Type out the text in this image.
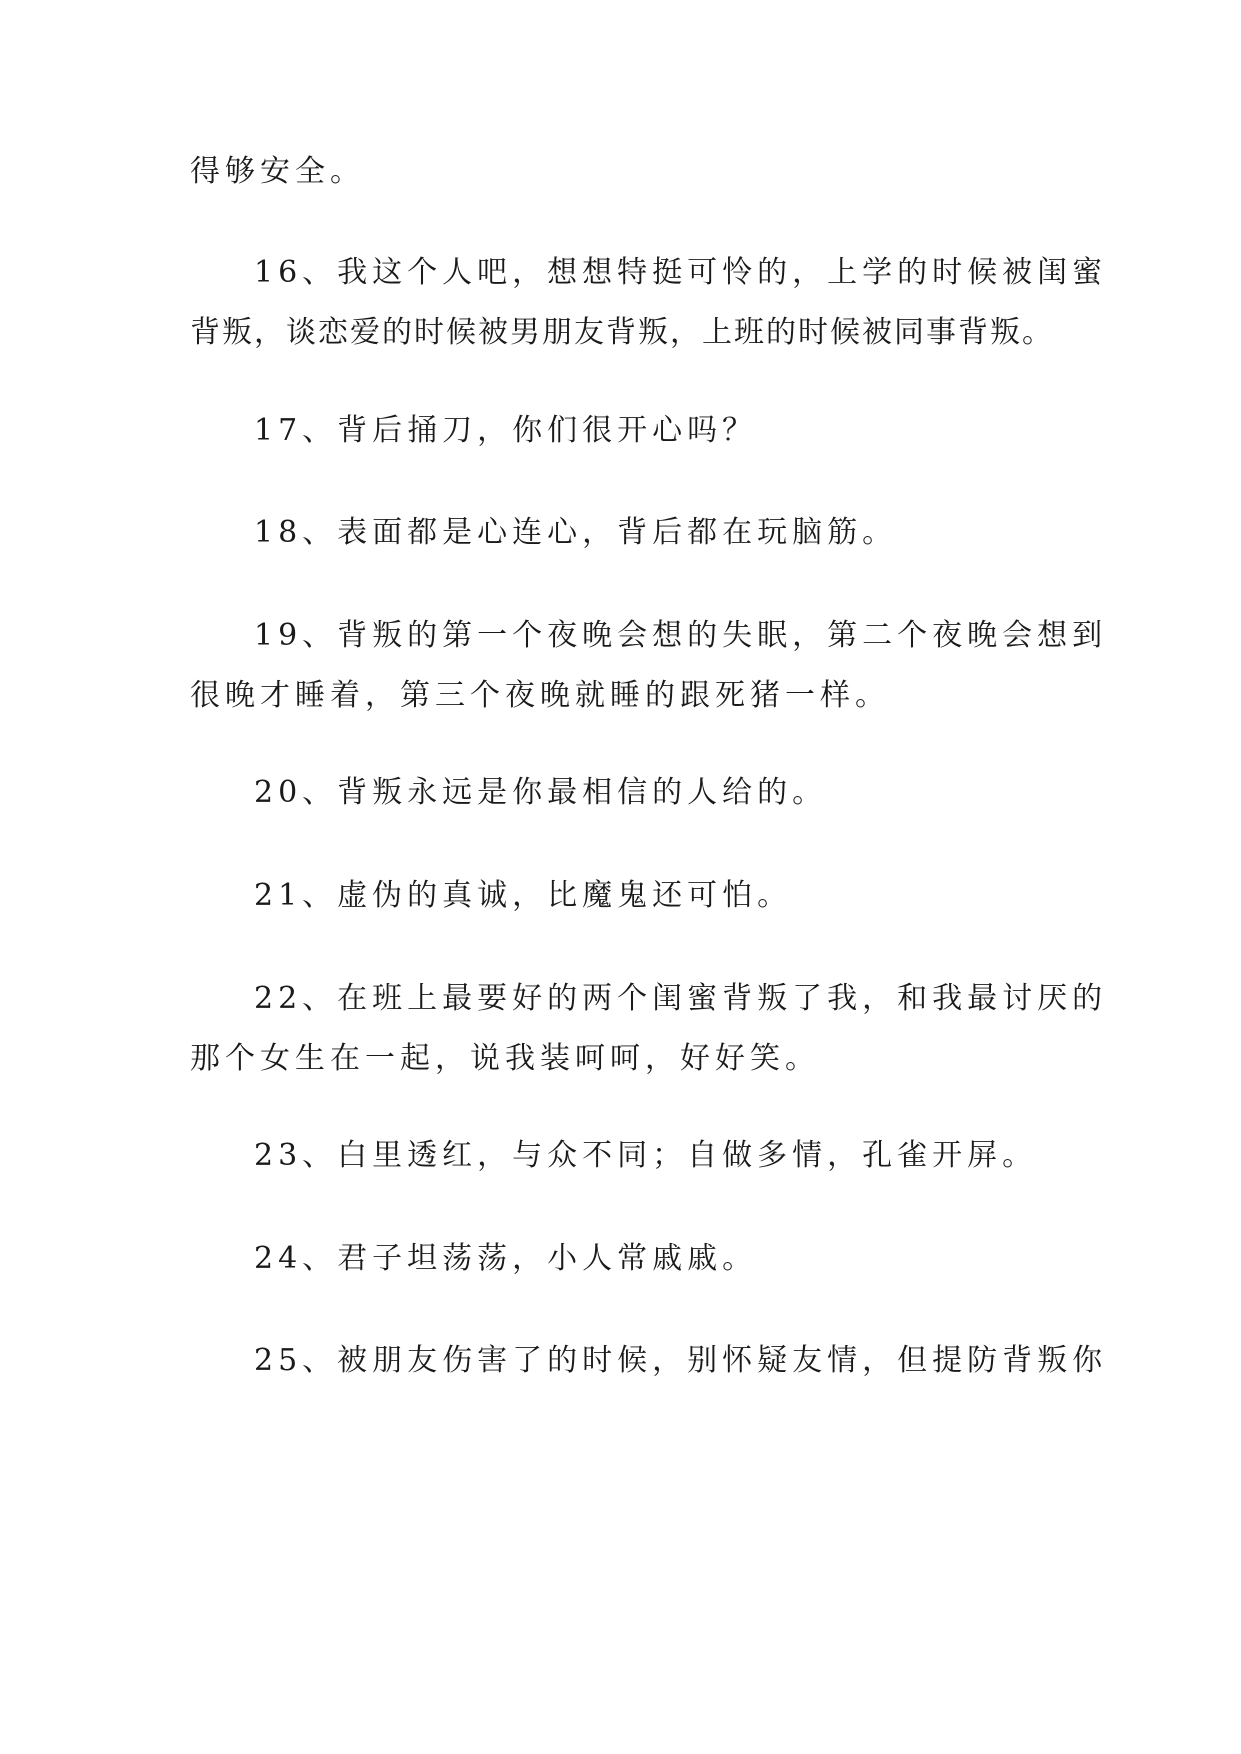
得够安全。
16、我这个人吧，想想特挺可怜的，上学的时候被闺蜜
背叛，谈恋爱的时候被男朋友背叛，上班的时候被同事背叛。
17、背后捅刀，你们很开心吗？
18、表面都是心连心，背后都在玩脑筋。
19、背叛的第一个夜晚会想的失眠，第二个夜晚会想到
很晚才睡着，第三个夜晚就睡的跟死猪一样。
20、背叛永远是你最相信的人给的。
21、虚伪的真诚，比魔鬼还可怕。
22、在班上最要好的两个闺蜜背叛了我，和我最讨厌的
那个女生在一起，说我装呵呵，好好笑。
23、白里透红，与众不同；自做多情，孔雀开屏。
24、君子坦荡荡，小人常戚戚。
25、被朋友伤害了的时候，别怀疑友情，但提防背叛你
